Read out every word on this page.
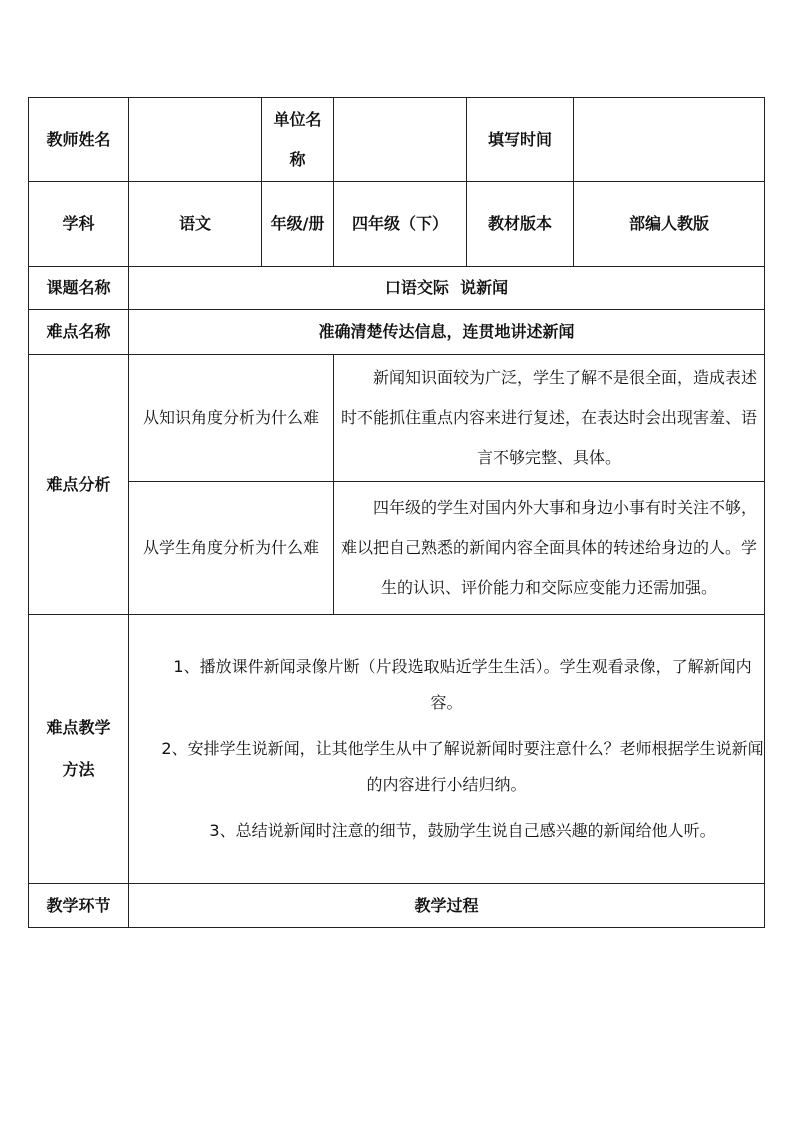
教师姓名		单位名称		填写时间	
学科	语文	年级/册	四年级（下）	教材版本	部编人教版
课题名称	口语交际  说新闻				
难点名称	准确清楚传达信息，连贯地讲述新闻				
难点分析	从知识角度分析为什么难		新闻知识面较为广泛，学生了解不是很全面，造成表述时不能抓住重点内容来进行复述，在表达时会出现害羞、语言不够完整、具体。		

	从学生角度分析为什么难		四年级的学生对国内外大事和身边小事有时关注不够，难以把自己熟悉的新闻内容全面具体的转述给身边的人。学生的认识、评价能力和交际应变能力还需加强。		

难点教学方法	1、播放课件新闻录像片断（片段选取贴近学生生活）。学生观看录像，了解新闻内容。

2、安排学生说新闻，让其他学生从中了解说新闻时要注意什么？老师根据学生说新闻的内容进行小结归纳。

3、总结说新闻时注意的细节，鼓励学生说自己感兴趣的新闻给他人听。				

教学环节	教学过程				
